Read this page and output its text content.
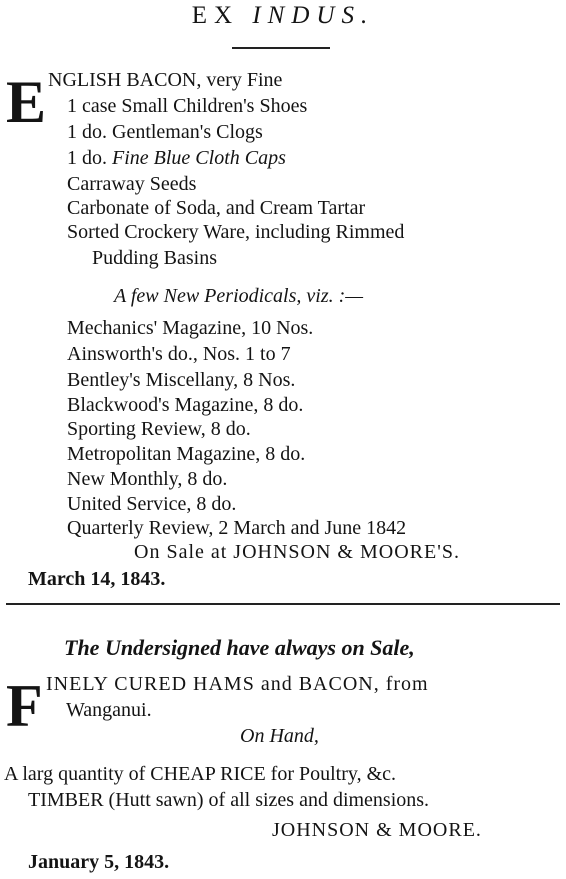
EX INDUS.
E NGLISH BACON, very Fine
1 case Small Children's Shoes
1 do. Gentleman's Clogs
1 do. Fine Blue Cloth Caps
Carraway Seeds
Carbonate of Soda, and Cream Tartar
Sorted Crockery Ware, including Rimmed
Pudding Basins
A few New Periodicals, viz. :—
Mechanics' Magazine, 10 Nos.
Ainsworth's do., Nos. 1 to 7
Bentley's Miscellany, 8 Nos.
Blackwood's Magazine, 8 do.
Sporting Review, 8 do.
Metropolitan Magazine, 8 do.
New Monthly, 8 do.
United Service, 8 do.
Quarterly Review, 2 March and June 1842
On Sale at JOHNSON & MOORE'S.
March 14, 1843.
The Undersigned have always on Sale,
F INELY CURED HAMS and BACON, from
Wanganui.
On Hand,
A larg quantity of CHEAP RICE for Poultry, &c.
TIMBER (Hutt sawn) of all sizes and dimensions.
JOHNSON & MOORE.
January 5, 1843.
